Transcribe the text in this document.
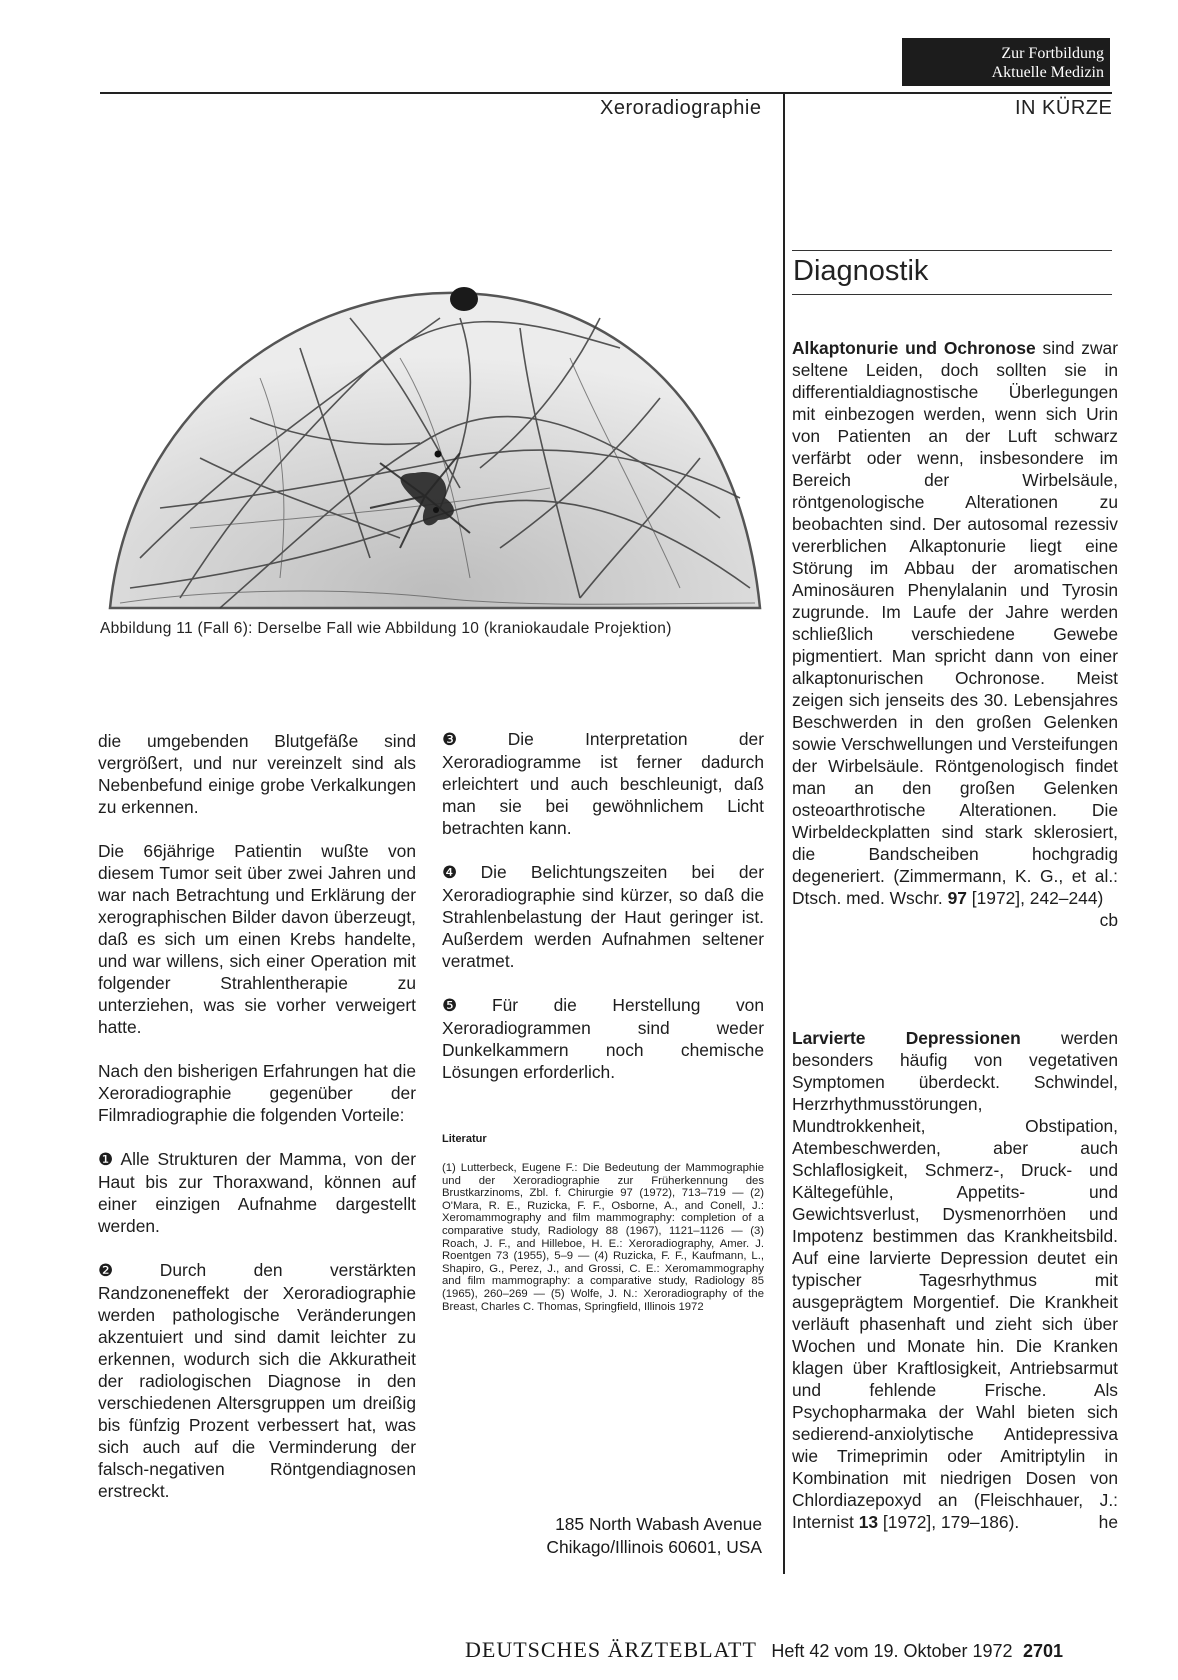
Zur Fortbildung
Aktuelle Medizin
Xeroradiographie	IN KÜRZE
Abbildung 11 (Fall 6): Derselbe Fall wie Abbildung 10 (kraniokaudale Projektion)

die umgebenden Blutgefäße sind vergrößert, und nur vereinzelt sind als Nebenbefund einige grobe Verkalkungen zu erkennen.

Die 66jährige Patientin wußte von diesem Tumor seit über zwei Jahren und war nach Betrachtung und Erklärung der xerographischen Bilder davon überzeugt, daß es sich um einen Krebs handelte, und war willens, sich einer Operation mit folgender Strahlentherapie zu unterziehen, was sie vorher verweigert hatte.

Nach den bisherigen Erfahrungen hat die Xeroradiographie gegenüber der Filmradiographie die folgenden Vorteile:

❶ Alle Strukturen der Mamma, von der Haut bis zur Thoraxwand, können auf einer einzigen Aufnahme dargestellt werden.

❷ Durch den verstärkten Randzoneneffekt der Xeroradiographie werden pathologische Veränderungen akzentuiert und sind damit leichter zu erkennen, wodurch sich die Akkuratheit der radiologischen Diagnose in den verschiedenen Altersgruppen um dreißig bis fünfzig Prozent verbessert hat, was sich auch auf die Verminderung der falsch-negativen Röntgendiagnosen erstreckt.

❸ Die Interpretation der Xeroradiogramme ist ferner dadurch erleichtert und auch beschleunigt, daß man sie bei gewöhnlichem Licht betrachten kann.

❹ Die Belichtungszeiten bei der Xeroradiographie sind kürzer, so daß die Strahlenbelastung der Haut geringer ist. Außerdem werden Aufnahmen seltener veratmet.

❺ Für die Herstellung von Xeroradiogrammen sind weder Dunkelkammern noch chemische Lösungen erforderlich.

Literatur
(1) Lutterbeck, Eugene F.: Die Bedeutung der Mammographie und der Xeroradiographie zur Früherkennung des Brustkarzinoms, Zbl. f. Chirurgie 97 (1972), 713–719 — (2) O'Mara, R. E., Ruzicka, F. F., Osborne, A., and Conell, J.: Xeromammography and film mammography: completion of a comparative study, Radiology 88 (1967), 1121–1126 — (3) Roach, J. F., and Hilleboe, H. E.: Xeroradiography, Amer. J. Roentgen 73 (1955), 5–9 — (4) Ruzicka, F. F., Kaufmann, L., Shapiro, G., Perez, J., and Grossi, C. E.: Xeromammography and film mammography: a comparative study, Radiology 85 (1965), 260–269 — (5) Wolfe, J. N.: Xeroradiography of the Breast, Charles C. Thomas, Springfield, Illinois 1972
185 North Wabash Avenue
Chikago/Illinois 60601, USA
Diagnostik
Alkaptonurie und Ochronose sind zwar seltene Leiden, doch sollten sie in differentialdiagnostische Überlegungen mit einbezogen werden, wenn sich Urin von Patienten an der Luft schwarz verfärbt oder wenn, insbesondere im Bereich der Wirbelsäule, röntgenologische Alterationen zu beobachten sind. Der autosomal rezessiv vererblichen Alkaptonurie liegt eine Störung im Abbau der aromatischen Aminosäuren Phenylalanin und Tyrosin zugrunde. Im Laufe der Jahre werden schließlich verschiedene Gewebe pigmentiert. Man spricht dann von einer alkaptonurischen Ochronose. Meist zeigen sich jenseits des 30. Lebensjahres Beschwerden in den großen Gelenken sowie Verschwellungen und Versteifungen der Wirbelsäule. Röntgenologisch findet man an den großen Gelenken osteoarthrotische Alterationen. Die Wirbeldeckplatten sind stark sklerosiert, die Bandscheiben hochgradig degeneriert. (Zimmermann, K. G., et al.: Dtsch. med. Wschr. 97 [1972], 242–244)
cb
Larvierte Depressionen werden besonders häufig von vegetativen Symptomen überdeckt. Schwindel, Herzrhythmusstörungen, Mundtrokkenheit, Obstipation, Atembeschwerden, aber auch Schlaflosigkeit, Schmerz-, Druck- und Kältegefühle, Appetits- und Gewichtsverlust, Dysmenorrhöen und Impotenz bestimmen das Krankheitsbild. Auf eine larvierte Depression deutet ein typischer Tagesrhythmus mit ausgeprägtem Morgentief. Die Krankheit verläuft phasenhaft und zieht sich über Wochen und Monate hin. Die Kranken klagen über Kraftlosigkeit, Antriebsarmut und fehlende Frische. Als Psychopharmaka der Wahl bieten sich sedierend-anxiolytische Antidepressiva wie Trimeprimin oder Amitriptylin in Kombination mit niedrigen Dosen von Chlordiazepoxyd an (Fleischhauer, J.: Internist 13 [1972], 179–186).	he
DEUTSCHES ÄRZTEBLATT Heft 42 vom 19. Oktober 1972 2701
